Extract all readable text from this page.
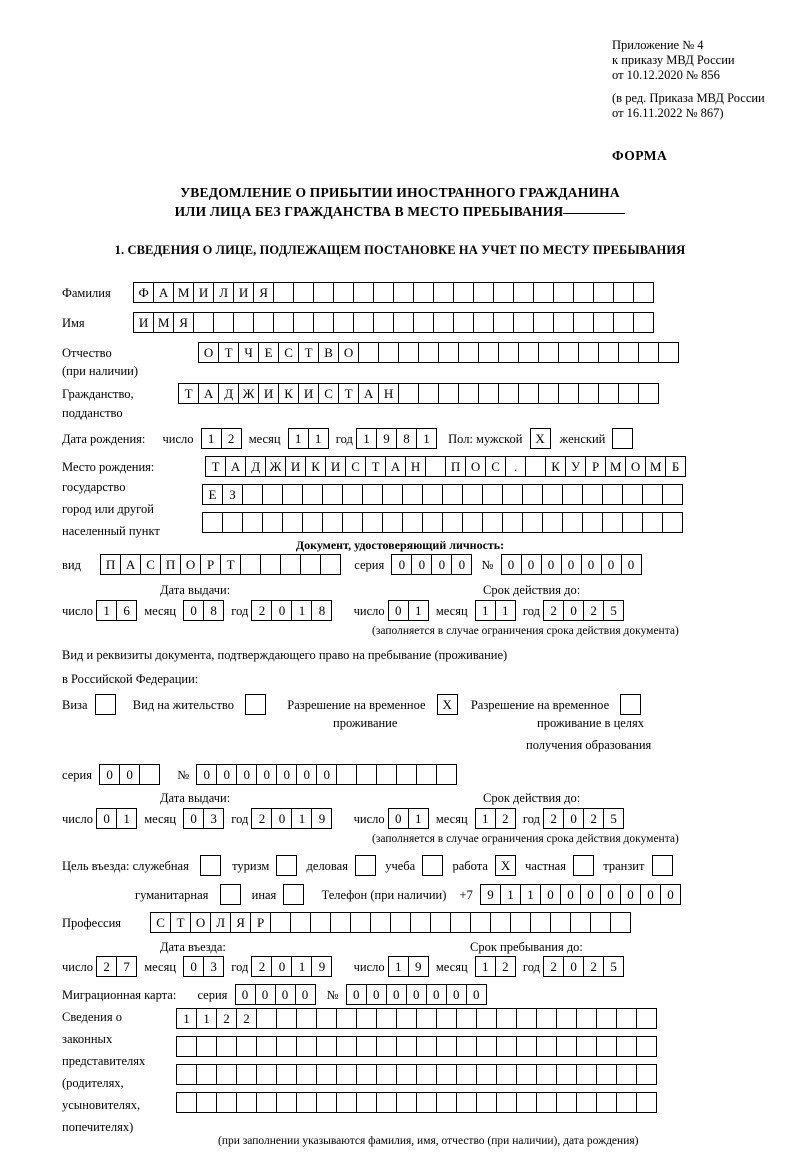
Приложение № 4
к приказу МВД России
от 10.12.2020 № 856
(в ред. Приказа МВД России
от 16.11.2022 № 867)
ФОРМА
УВЕДОМЛЕНИЕ О ПРИБЫТИИ ИНОСТРАННОГО ГРАЖДАНИНА
ИЛИ ЛИЦА БЕЗ ГРАЖДАНСТВА В МЕСТО ПРЕБЫВАНИЯ
1. СВЕДЕНИЯ О ЛИЦЕ, ПОДЛЕЖАЩЕМ ПОСТАНОВКЕ НА УЧЕТ ПО МЕСТУ ПРЕБЫВАНИЯ
Фамилия	Ф А М И Л И Я
Имя	И М Я
Отчество	О Т Ч Е С Т В О
(при наличии)
Гражданство,	Т А Д Ж И К И С Т А Н
подданство
Дата рождения: число	1	2	месяц	1	1	год 1	9	8	1	Пол: мужской X женский
Место рождения:	Т А Д Ж И К И С Т А Н	П О С	.	К У Р М О М Б
государство	Е З
город или другой
населенный пункт
Документ, удостоверяющий личность:
вид	П А С П О Р Т	серия	0	0	0	0	№	0	0	0	0	0	0	0
Дата выдачи:	Срок действия до:
число 1	6	месяц	0	8	год 2	0	1	8	число 0	1	месяц	1	1	год 2	0	2	5
(заполняется в случае ограничения срока действия документа)
Вид и реквизиты документа, подтверждающего право на пребывание (проживание)
в Российской Федерации:
Виза	Вид на жительство	Разрешение на временное X Разрешение на временное
проживание	проживание в целях
получения образования
серия	0	0	№	0	0	0	0	0	0	0
Дата выдачи:	Срок действия до:
число 0	1	месяц	0	3	год 2	0	1	9	число 0	1	месяц	1	2	год 2	0	2	5
(заполняется в случае ограничения срока действия документа)
Цель въезда: служебная	туризм	деловая	учеба	работа X частная	транзит
гуманитарная	иная	Телефон (при наличии) +7	9	1	1	0	0	0	0	0	0	0
Профессия	С Т О Л Я Р
Дата въезда:	Срок пребывания до:
число 2	7	месяц	0	3	год 2	0	1	9	число 1	9	месяц	1	2	год 2	0	2	5
Миграционная карта: серия	0	0	0	0	№	0	0	0	0	0	0	0
Сведения о
законных
представителях
(родителях,
усыновителях,
попечителях)
1	1	2	2
(при заполнении указываются фамилия, имя, отчество (при наличии), дата рождения)
